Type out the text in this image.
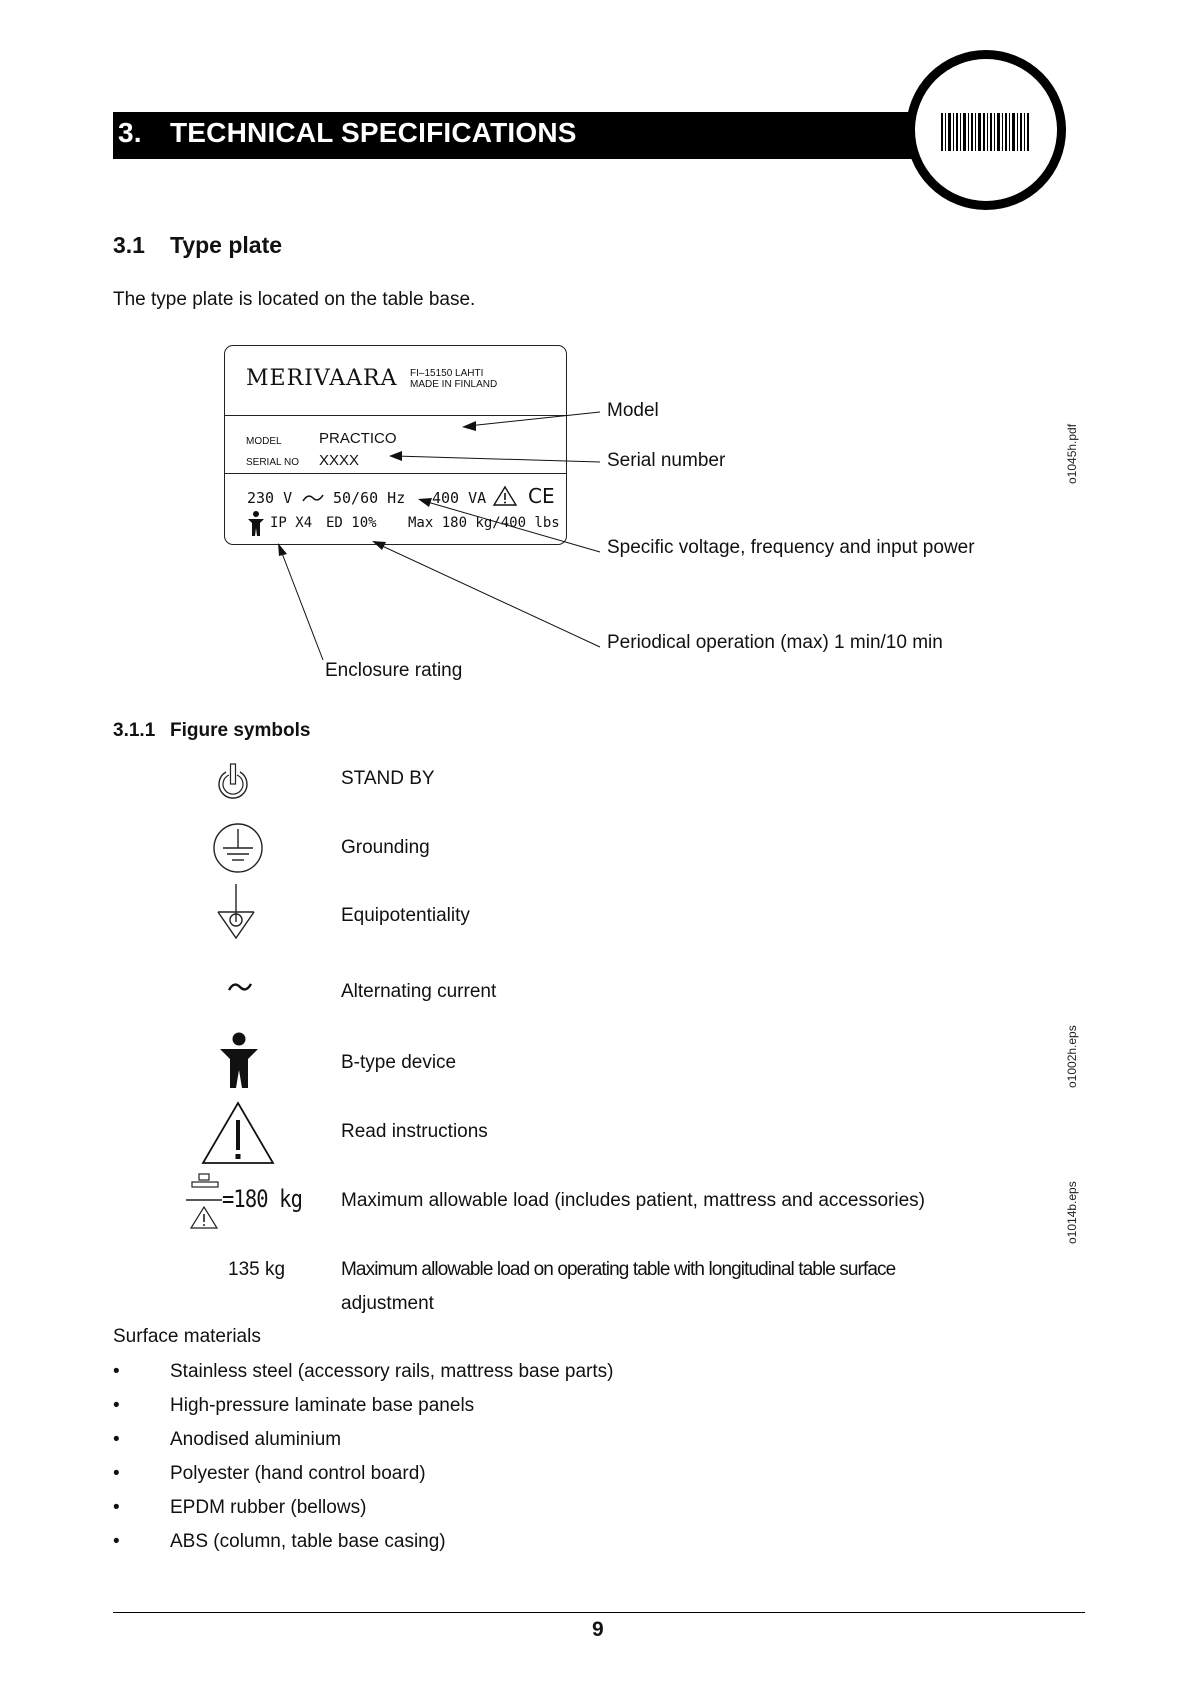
3. TECHNICAL SPECIFICATIONS
3.1 Type plate
The type plate is located on the table base.
MERIVAARA FI–15150 LAHTI
MADE IN FINLAND
MODEL PRACTICO
SERIAL NO XXXX
230 V	50/60 Hz 400 VA CE
IP X4 ED 10% Max 180 kg/400 lbs
Model
Serial number
Specific voltage, frequency and input power
Periodical operation (max) 1 min/10 min
Enclosure rating
o1045h.pdf
o1002h.eps
o1014b.eps
3.1.1 Figure symbols
STAND BY
Grounding
Equipotentiality
Alternating current
B-type device
Read instructions
=180 kg Maximum allowable load (includes patient, mattress and accessories)
135 kg	Maximum allowable load on operating table with longitudinal table surface
adjustment
Surface materials
•	Stainless steel (accessory rails, mattress base parts)
•	High-pressure laminate base panels
•	Anodised aluminium
•	Polyester (hand control board)
•	EPDM rubber (bellows)
•	ABS (column, table base casing)
9
